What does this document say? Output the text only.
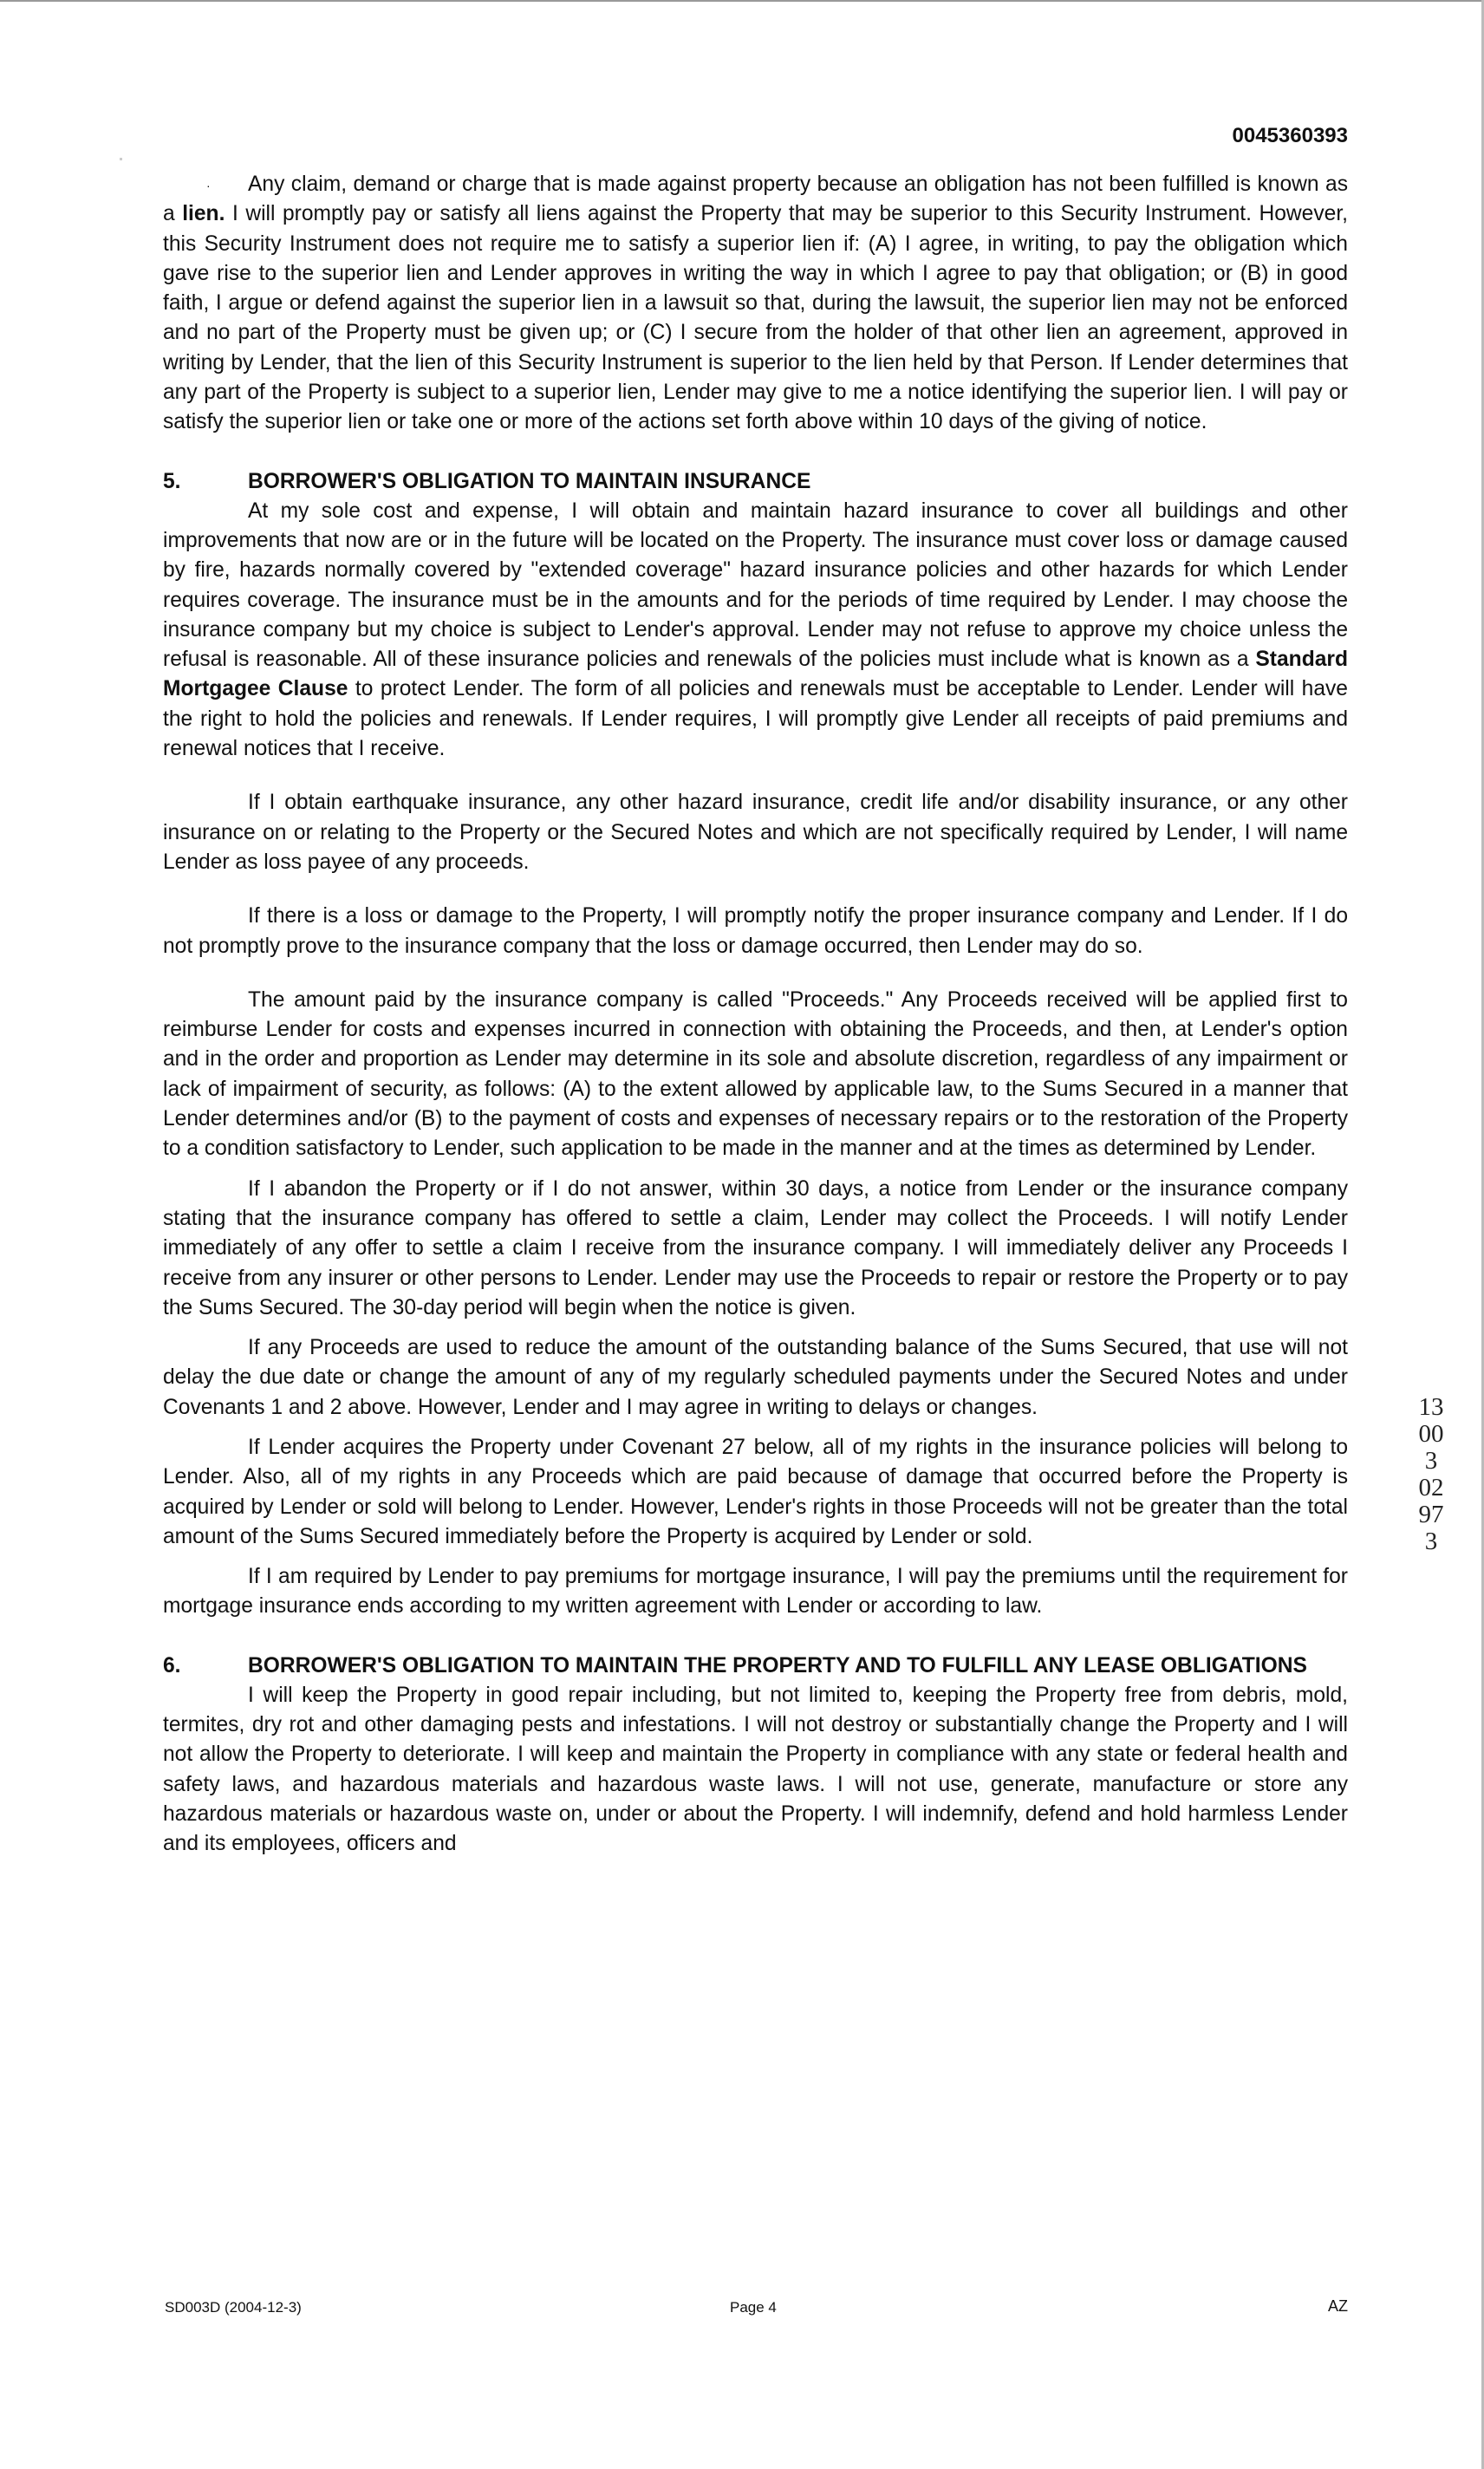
·
0045360393

Any claim, demand or charge that is made against property because an obligation has not been fulfilled is known as a lien. I will promptly pay or satisfy all liens against the Property that may be superior to this Security Instrument. However, this Security Instrument does not require me to satisfy a superior lien if: (A) I agree, in writing, to pay the obligation which gave rise to the superior lien and Lender approves in writing the way in which I agree to pay that obligation; or (B) in good faith, I argue or defend against the superior lien in a lawsuit so that, during the lawsuit, the superior lien may not be enforced and no part of the Property must be given up; or (C) I secure from the holder of that other lien an agreement, approved in writing by Lender, that the lien of this Security Instrument is superior to the lien held by that Person. If Lender determines that any part of the Property is subject to a superior lien, Lender may give to me a notice identifying the superior lien. I will pay or satisfy the superior lien or take one or more of the actions set forth above within 10 days of the giving of notice.

5.	BORROWER'S OBLIGATION TO MAINTAIN INSURANCE

At my sole cost and expense, I will obtain and maintain hazard insurance to cover all buildings and other improvements that now are or in the future will be located on the Property. The insurance must cover loss or damage caused by fire, hazards normally covered by "extended coverage" hazard insurance policies and other hazards for which Lender requires coverage. The insurance must be in the amounts and for the periods of time required by Lender. I may choose the insurance company but my choice is subject to Lender's approval. Lender may not refuse to approve my choice unless the refusal is reasonable. All of these insurance policies and renewals of the policies must include what is known as a Standard Mortgagee Clause to protect Lender. The form of all policies and renewals must be acceptable to Lender. Lender will have the right to hold the policies and renewals. If Lender requires, I will promptly give Lender all receipts of paid premiums and renewal notices that I receive.

If I obtain earthquake insurance, any other hazard insurance, credit life and/or disability insurance, or any other insurance on or relating to the Property or the Secured Notes and which are not specifically required by Lender, I will name Lender as loss payee of any proceeds.

If there is a loss or damage to the Property, I will promptly notify the proper insurance company and Lender. If I do not promptly prove to the insurance company that the loss or damage occurred, then Lender may do so.

The amount paid by the insurance company is called "Proceeds." Any Proceeds received will be applied first to reimburse Lender for costs and expenses incurred in connection with obtaining the Proceeds, and then, at Lender's option and in the order and proportion as Lender may determine in its sole and absolute discretion, regardless of any impairment or lack of impairment of security, as follows: (A) to the extent allowed by applicable law, to the Sums Secured in a manner that Lender determines and/or (B) to the payment of costs and expenses of necessary repairs or to the restoration of the Property to a condition satisfactory to Lender, such application to be made in the manner and at the times as determined by Lender.

If I abandon the Property or if I do not answer, within 30 days, a notice from Lender or the insurance company stating that the insurance company has offered to settle a claim, Lender may collect the Proceeds. I will notify Lender immediately of any offer to settle a claim I receive from the insurance company. I will immediately deliver any Proceeds I receive from any insurer or other persons to Lender. Lender may use the Proceeds to repair or restore the Property or to pay the Sums Secured. The 30-day period will begin when the notice is given.

If any Proceeds are used to reduce the amount of the outstanding balance of the Sums Secured, that use will not delay the due date or change the amount of any of my regularly scheduled payments under the Secured Notes and under Covenants 1 and 2 above. However, Lender and I may agree in writing to delays or changes.

If Lender acquires the Property under Covenant 27 below, all of my rights in the insurance policies will belong to Lender. Also, all of my rights in any Proceeds which are paid because of damage that occurred before the Property is acquired by Lender or sold will belong to Lender. However, Lender's rights in those Proceeds will not be greater than the total amount of the Sums Secured immediately before the Property is acquired by Lender or sold.

If I am required by Lender to pay premiums for mortgage insurance, I will pay the premiums until the requirement for mortgage insurance ends according to my written agreement with Lender or according to law.

6.	BORROWER'S OBLIGATION TO MAINTAIN THE PROPERTY AND TO FULFILL ANY LEASE OBLIGATIONS

I will keep the Property in good repair including, but not limited to, keeping the Property free from debris, mold, termites, dry rot and other damaging pests and infestations. I will not destroy or substantially change the Property and I will not allow the Property to deteriorate. I will keep and maintain the Property in compliance with any state or federal health and safety laws, and hazardous materials and hazardous waste laws. I will not use, generate, manufacture or store any hazardous materials or hazardous waste on, under or about the Property. I will indemnify, defend and hold harmless Lender and its employees, officers and

13003 02973
SD003D (2004-12-3)	Page 4	AZ
